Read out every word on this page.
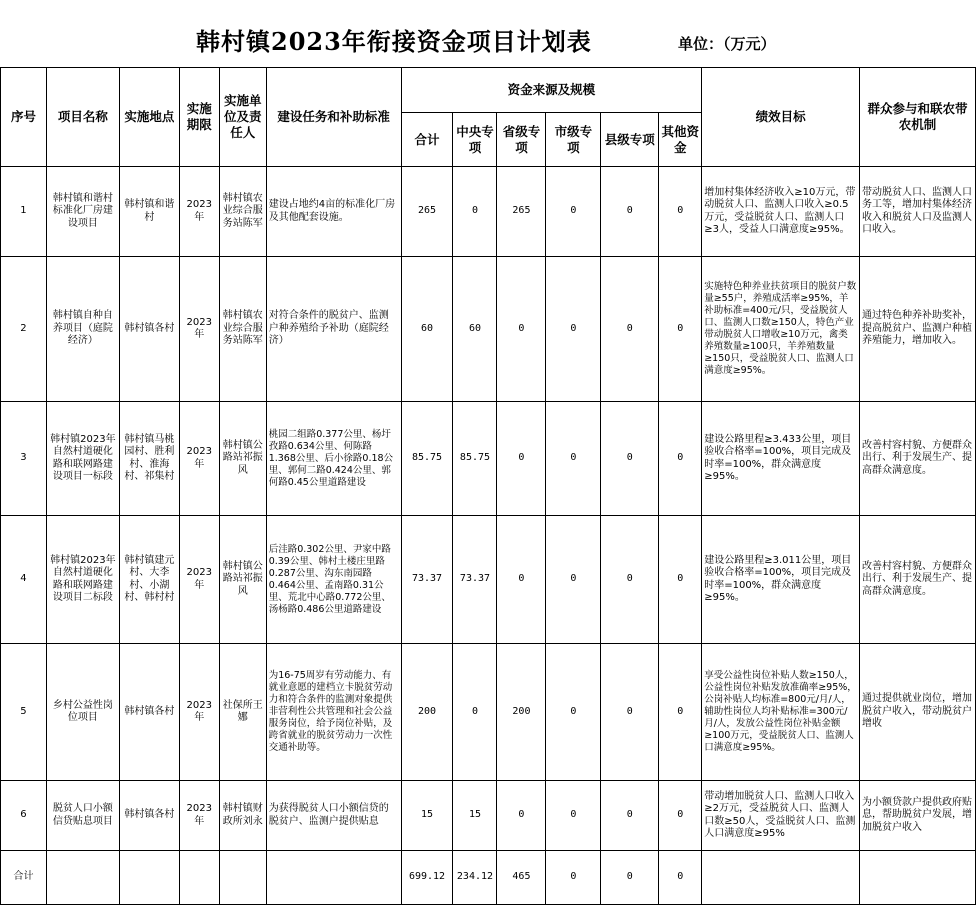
韩村镇2023年衔接资金项目计划表	单位：（万元）
序号	项目名称	实施地点	实施期限	实施单位及责任人	建设任务和补助标准	资金来源及规模						绩效目标	群众参与和联农带农机制
						合计	中央专项	省级专项	市级专项	县级专项	其他资金		
1	韩村镇和谐村标准化厂房建设项目	韩村镇和谐村	2023年	韩村镇农业综合服务站陈军	建设占地约4亩的标准化厂房及其他配套设施。	265	0	265	0	0	0	增加村集体经济收入≥10万元，带动脱贫人口、监测人口收入≥0.5万元，受益脱贫人口、监测人口≥3人，受益人口满意度≥95%。	带动脱贫人口、监测人口务工等，增加村集体经济收入和脱贫人口及监测人口收入。
2	韩村镇自种自养项目（庭院经济）	韩村镇各村	2023年	韩村镇农业综合服务站陈军	对符合条件的脱贫户、监测户种养殖给予补助（庭院经济）	60	60	0	0	0	0	实施特色种养业扶贫项目的脱贫户数量≥55户，养殖成活率≥95%，羊补助标准=400元/只，受益脱贫人口、监测人口数≥150人，特色产业带动脱贫人口增收≥10万元，禽类养殖数量≥100只，羊养殖数量≥150只，受益脱贫人口、监测人口满意度≥95%。	通过特色种养补助奖补，提高脱贫户、监测户种植养殖能力，增加收入。
3	韩村镇2023年自然村道硬化路和联网路建设项目一标段	韩村镇马桃园村、胜利村、淮海村、祁集村	2023年	韩村镇公路站祁振风	桃园二组路0.377公里、杨圩孜路0.634公里、何陈路1.368公里、后小徐路0.18公里、郭何二路0.424公里、郭何路0.45公里道路建设	85.75	85.75	0	0	0	0	建设公路里程≥3.433公里，项目验收合格率=100%，项目完成及时率=100%，群众满意度≥95%。	改善村容村貌、方便群众出行、利于发展生产、提高群众满意度。
4	韩村镇2023年自然村道硬化路和联网路建设项目二标段	韩村镇建元村、大李村、小湖村、韩村村	2023年	韩村镇公路站祁振风	后洼路0.302公里、尹家中路0.39公里、韩村土楼庄里路0.287公里、沟东南园路0.464公里、孟南路0.31公里、荒北中心路0.772公里、汤杨路0.486公里道路建设	73.37	73.37	0	0	0	0	建设公路里程≥3.011公里，项目验收合格率=100%，项目完成及时率=100%，群众满意度≥95%。	改善村容村貌、方便群众出行、利于发展生产、提高群众满意度。
5	乡村公益性岗位项目	韩村镇各村	2023年	社保所王娜	为16-75周岁有劳动能力、有就业意愿的建档立卡脱贫劳动力和符合条件的监测对象提供非营利性公共管理和社会公益服务岗位，给予岗位补贴，及跨省就业的脱贫劳动力一次性交通补助等。	200	0	200	0	0	0	享受公益性岗位补贴人数≥150人，公益性岗位补贴发放准确率≥95%，公岗补贴人均标准=800元/月/人，辅助性岗位人均补贴标准=300元/月/人，发放公益性岗位补贴金额≥100万元，受益脱贫人口、监测人口满意度≥95%。	通过提供就业岗位，增加脱贫户收入，带动脱贫户增收
6	脱贫人口小额信贷贴息项目	韩村镇各村	2023年	韩村镇财政所刘永	为获得脱贫人口小额信贷的脱贫户、监测户提供贴息	15	15	0	0	0	0	带动增加脱贫人口、监测人口收入≥2万元，受益脱贫人口、监测人口数≥50人，受益脱贫人口、监测人口满意度≥95%	为小额贷款户提供政府贴息，帮助脱贫户发展，增加脱贫户收入
合计						699.12	234.12	465	0	0	0		
